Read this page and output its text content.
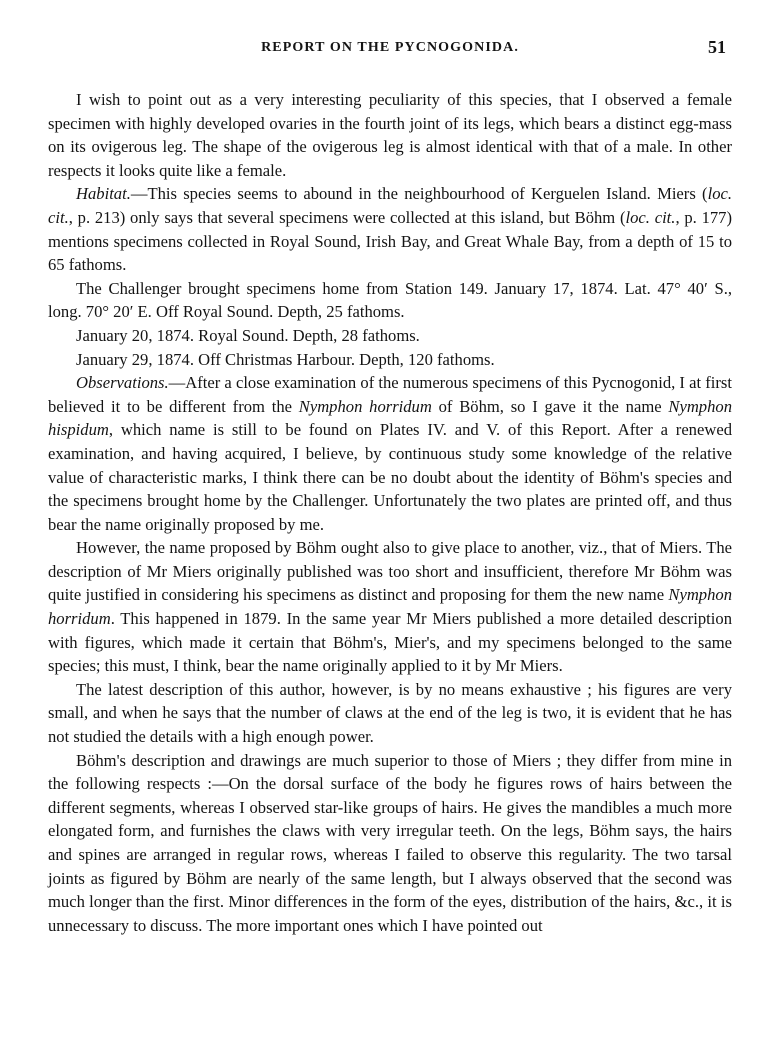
REPORT ON THE PYCNOGONIDA.	51

I wish to point out as a very interesting peculiarity of this species, that I observed a female specimen with highly developed ovaries in the fourth joint of its legs, which bears a distinct egg-mass on its ovigerous leg. The shape of the ovigerous leg is almost identical with that of a male. In other respects it looks quite like a female.

Habitat.—This species seems to abound in the neighbourhood of Kerguelen Island. Miers (loc. cit., p. 213) only says that several specimens were collected at this island, but Böhm (loc. cit., p. 177) mentions specimens collected in Royal Sound, Irish Bay, and Great Whale Bay, from a depth of 15 to 65 fathoms.

The Challenger brought specimens home from Station 149. January 17, 1874. Lat. 47° 40′ S., long. 70° 20′ E. Off Royal Sound. Depth, 25 fathoms.

January 20, 1874. Royal Sound. Depth, 28 fathoms.

January 29, 1874. Off Christmas Harbour. Depth, 120 fathoms.

Observations.—After a close examination of the numerous specimens of this Pycnogonid, I at first believed it to be different from the Nymphon horridum of Böhm, so I gave it the name Nymphon hispidum, which name is still to be found on Plates IV. and V. of this Report. After a renewed examination, and having acquired, I believe, by continuous study some knowledge of the relative value of characteristic marks, I think there can be no doubt about the identity of Böhm's species and the specimens brought home by the Challenger. Unfortunately the two plates are printed off, and thus bear the name originally proposed by me.

However, the name proposed by Böhm ought also to give place to another, viz., that of Miers. The description of Mr Miers originally published was too short and insufficient, therefore Mr Böhm was quite justified in considering his specimens as distinct and proposing for them the new name Nymphon horridum. This happened in 1879. In the same year Mr Miers published a more detailed description with figures, which made it certain that Böhm's, Mier's, and my specimens belonged to the same species; this must, I think, bear the name originally applied to it by Mr Miers.

The latest description of this author, however, is by no means exhaustive ; his figures are very small, and when he says that the number of claws at the end of the leg is two, it is evident that he has not studied the details with a high enough power.

Böhm's description and drawings are much superior to those of Miers ; they differ from mine in the following respects :—On the dorsal surface of the body he figures rows of hairs between the different segments, whereas I observed star-like groups of hairs. He gives the mandibles a much more elongated form, and furnishes the claws with very irregular teeth. On the legs, Böhm says, the hairs and spines are arranged in regular rows, whereas I failed to observe this regularity. The two tarsal joints as figured by Böhm are nearly of the same length, but I always observed that the second was much longer than the first. Minor differences in the form of the eyes, distribution of the hairs, &c., it is unnecessary to discuss. The more important ones which I have pointed out
